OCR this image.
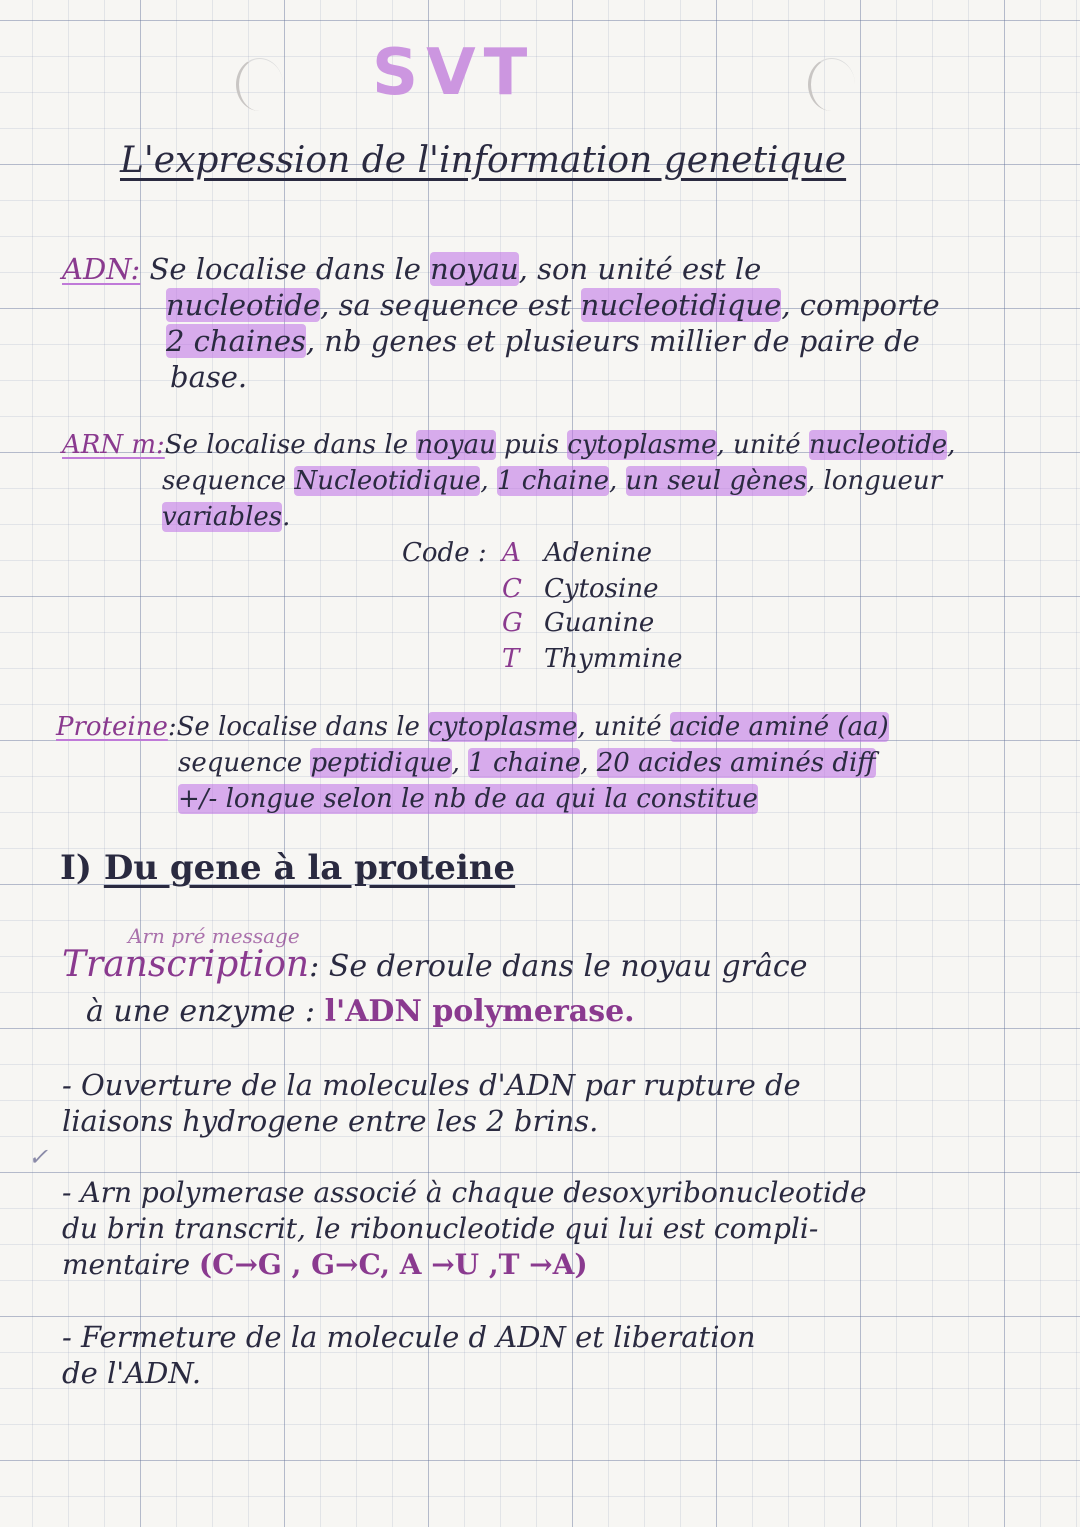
SVT
L'expression de l'information genetique
ADN: Se localise dans le noyau, son unité est le
nucleotide, sa sequence est nucleotidique, comporte
2 chaines, nb genes et plusieurs millier de paire de
base.
ARN m:Se localise dans le noyau puis cytoplasme, unité nucleotide,
sequence Nucleotidique, 1 chaine, un seul gènes, longueur
variables.
Code : A Adenine
C Cytosine
G Guanine
T Thymmine
Proteine:Se localise dans le cytoplasme, unité acide aminé (aa)
sequence peptidique, 1 chaine, 20 acides aminés diff
+/- longue selon le nb de aa qui la constitue
I) Du gene à la proteine
Arn pré message
Transcription: Se deroule dans le noyau grâce
à une enzyme : l'ADN polymerase.
- Ouverture de la molecules d'ADN par rupture de
liaisons hydrogene entre les 2 brins.
✓
- Arn polymerase associé à chaque desoxyribonucleotide
du brin transcrit, le ribonucleotide qui lui est compli-
mentaire (C→G , G→C, A →U ,T →A)
- Fermeture de la molecule d ADN et liberation
de l'ADN.
